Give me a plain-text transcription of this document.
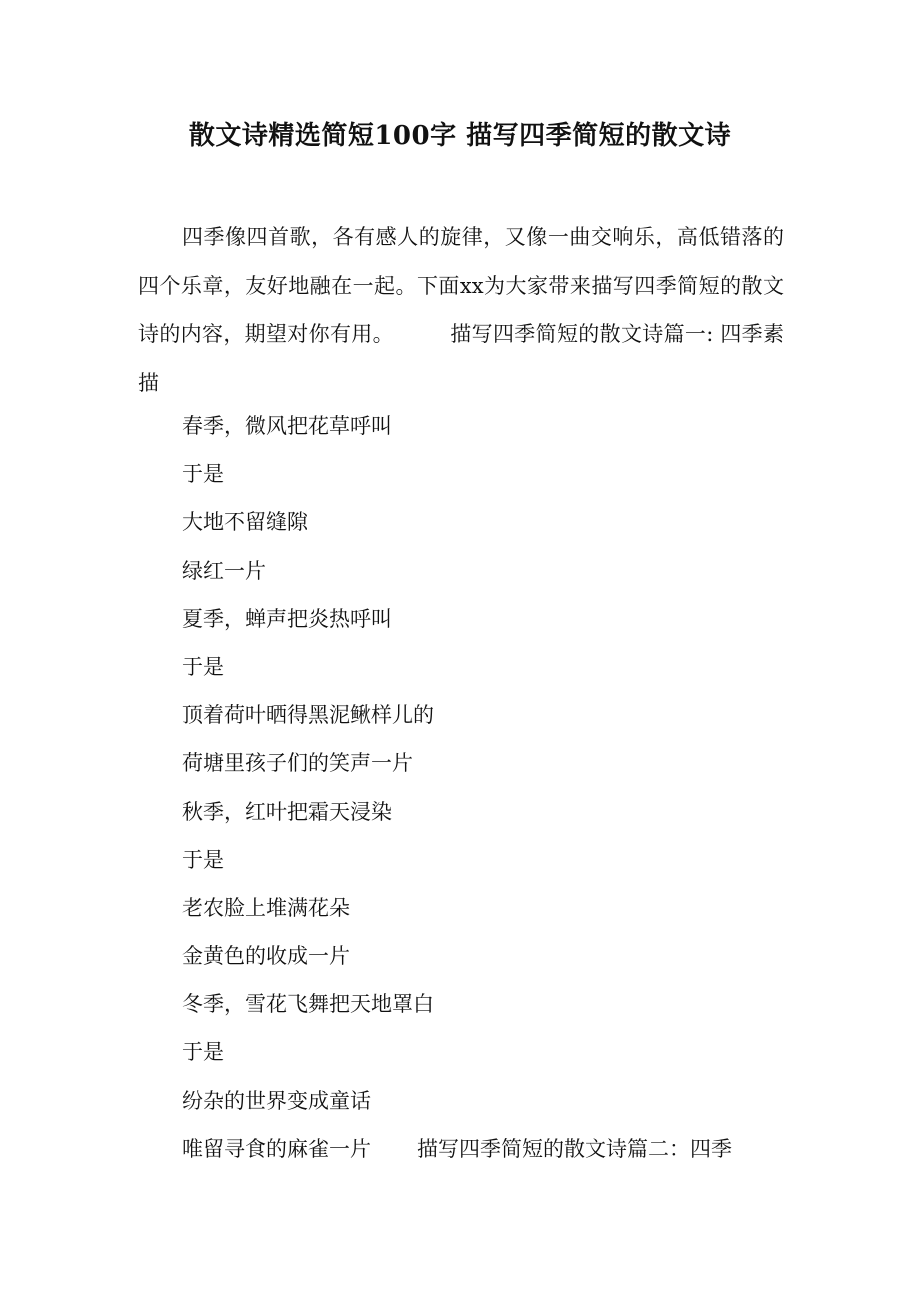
散文诗精选简短100字 描写四季简短的散文诗

四季像四首歌，各有感人的旋律，又像一曲交响乐，高低错落的四个乐章，友好地融在一起。下面xx为大家带来描写四季简短的散文诗的内容，期望对你有用。	描写四季简短的散文诗篇一: 四季素描

春季，微风把花草呼叫
于是
大地不留缝隙
绿红一片
夏季，蝉声把炎热呼叫
于是
顶着荷叶晒得黑泥鳅样儿的
荷塘里孩子们的笑声一片
秋季，红叶把霜天浸染
于是
老农脸上堆满花朵
金黄色的收成一片
冬季，雪花飞舞把天地罩白
于是
纷杂的世界变成童话
唯留寻食的麻雀一片 描写四季简短的散文诗篇二：四季
